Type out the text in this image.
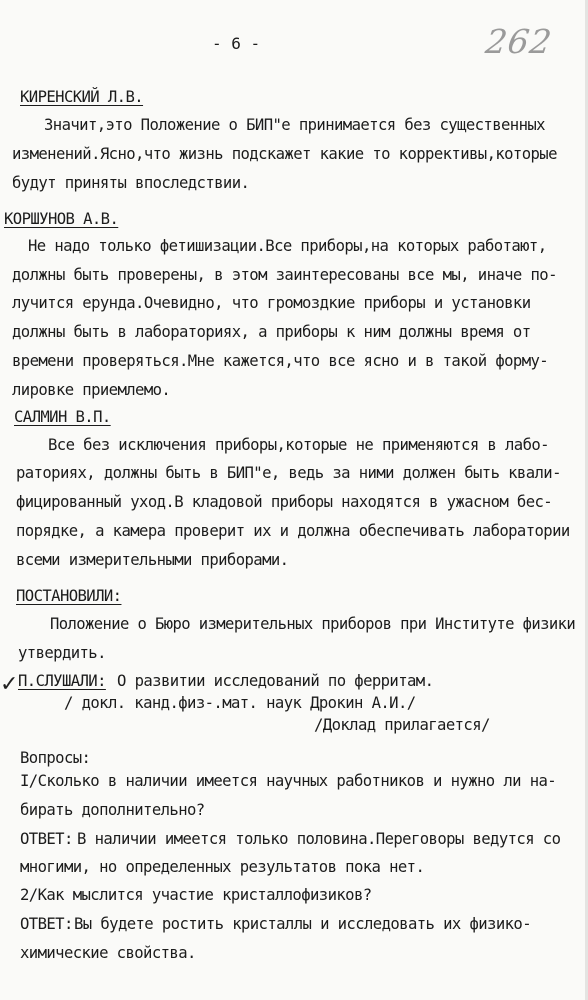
- 6 -	262
КИРЕНСКИЙ Л.В.
Значит,это Положение о БИП"е принимается без существенных
изменений.Ясно,что жизнь подскажет какие то коррективы,которые
будут приняты впоследствии.
КОРШУНОВ А.В.
Не надо только фетишизации.Все приборы,на которых работают,
должны быть проверены, в этом заинтересованы все мы, иначе по-
лучится ерунда.Очевидно, что громоздкие приборы и установки
должны быть в лабораториях, а приборы к ним должны время от
времени проверяться.Мне кажется,что все ясно и в такой форму-
лировке приемлемо.
САЛМИН В.П.
Все без исключения приборы,которые не применяются в лабо-
раториях, должны быть в БИП"е, ведь за ними должен быть квали-
фицированный уход.В кладовой приборы находятся в ужасном бес-
порядке, а камера проверит их и должна обеспечивать лаборатории
всеми измерительными приборами.
ПОСТАНОВИЛИ:
Положение о Бюро измерительных приборов при Институте физики
утвердить.
✓ П.СЛУШАЛИ: О развитии исследований по ферритам.
/ докл. канд.физ-.мат. наук Дрокин А.И./
/Доклад прилагается/
Вопросы:
I/Сколько в наличии имеется научных работников и нужно ли на-
бирать дополнительно?
ОТВЕТ: В наличии имеется только половина.Переговоры ведутся со
многими, но определенных результатов пока нет.
2/Как мыслится участие кристаллофизиков?
ОТВЕТ: Вы будете ростить кристаллы и исследовать их физико-
химические свойства.
